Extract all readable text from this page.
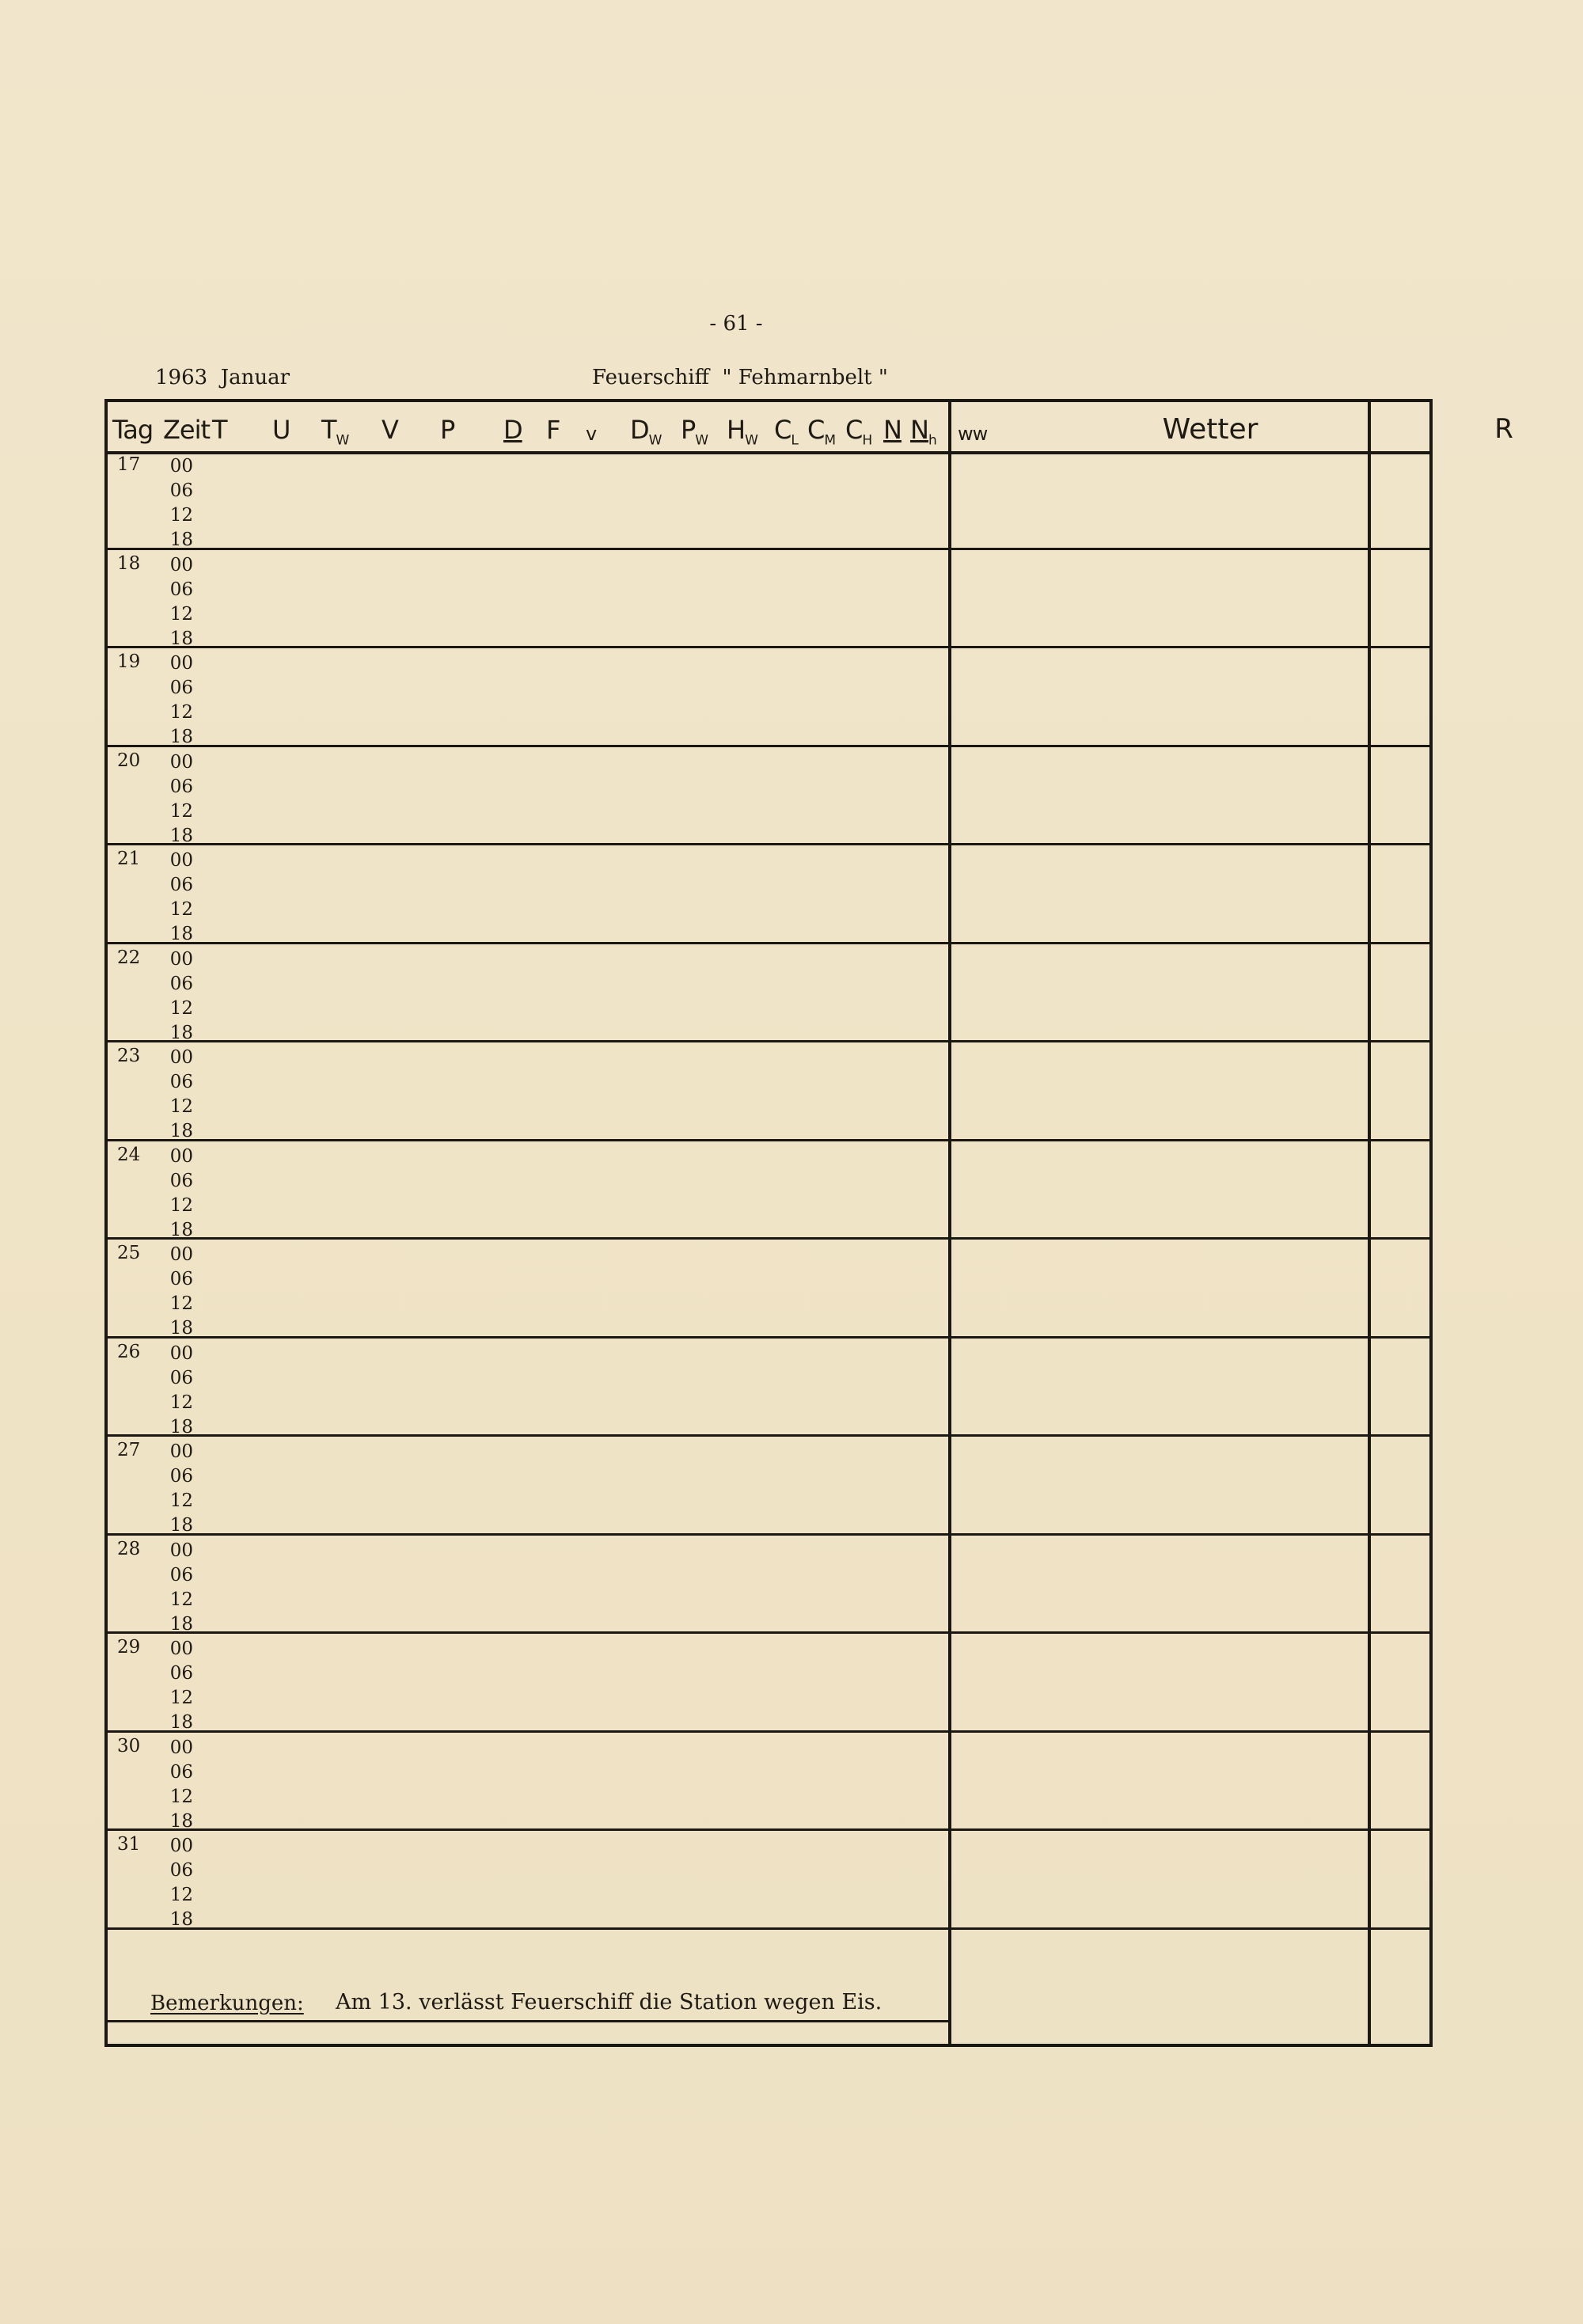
- 61 -
1963  Januar	Feuerschiff  " Fehmarnbelt "
Tag Zeit T U $T_W$ V P D F v $D_W$ $P_W$ $H_W$ $C_L$ $C_M$ $C_H$ N $N_h$ ww	Wetter	R
17	00
06
12
18
18	00
06
12
18
19	00
06
12
18
20	00
06
12
18
21	00
06
12
18
22	00
06
12
18
23	00
06
12
18
24	00
06
12
18
25	00
06
12
18
26	00
06
12
18
27	00
06
12
18
28	00
06
12
18
29	00
06
12
18
30	00
06
12
18
31	00
06
12
18
Bemerkungen: Am 13. verlässt Feuerschiff die Station wegen Eis.
